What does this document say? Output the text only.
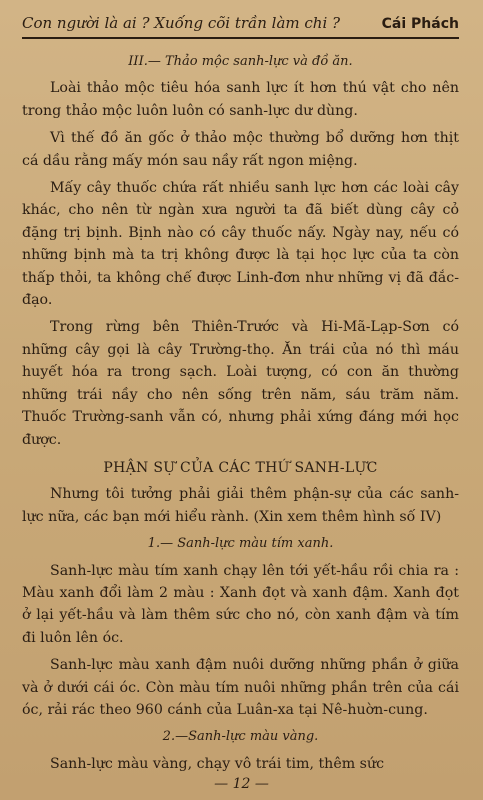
Con người là ai ? Xuống cõi trần làm chi ?	Cái Phách

III.— Thảo mộc sanh-lực và đồ ăn.

Loài thảo mộc tiêu hóa sanh lực ít hơn thú vật cho nên trong thảo mộc luôn luôn có sanh-lực dư dùng.

Vì thế đồ ăn gốc ở thảo mộc thường bổ dưỡng hơn thịt cá dầu rằng mấy món sau nầy rất ngon miệng.

Mấy cây thuốc chứa rất nhiều sanh lực hơn các loài cây khác, cho nên từ ngàn xưa người ta đã biết dùng cây cỏ đặng trị bịnh. Bịnh nào có cây thuốc nấy. Ngày nay, nếu có những bịnh mà ta trị không được là tại học lực của ta còn thấp thỏi, ta không chế được Linh-đơn như những vị đã đắc-đạo.

Trong rừng bên Thiên-Trước và Hi-Mã-Lạp-Sơn có những cây gọi là cây Trường-thọ. Ăn trái của nó thì máu huyết hóa ra trong sạch. Loài tượng, có con ăn thường những trái nầy cho nên sống trên năm, sáu trăm năm. Thuốc Trường-sanh vẫn có, nhưng phải xứng đáng mới học được.

PHẬN SỰ CỦA CÁC THỨ SANH-LỰC

Nhưng tôi tưởng phải giải thêm phận-sự của các sanh-lực nữa, các bạn mới hiểu rành. (Xin xem thêm hình số IV)

1.— Sanh-lực màu tím xanh.

Sanh-lực màu tím xanh chạy lên tới yết-hầu rồi chia ra : Màu xanh đổi làm 2 màu : Xanh đọt và xanh đậm. Xanh đọt ở lại yết-hầu và làm thêm sức cho nó, còn xanh đậm và tím đi luôn lên óc.

Sanh-lực màu xanh đậm nuôi dưỡng những phần ở giữa và ở dưới cái óc. Còn màu tím nuôi những phần trên của cái óc, rải rác theo 960 cánh của Luân-xa tại Nê-huờn-cung.

2.—Sanh-lực màu vàng.

Sanh-lực màu vàng, chạy vô trái tim, thêm sức

— 12 —
